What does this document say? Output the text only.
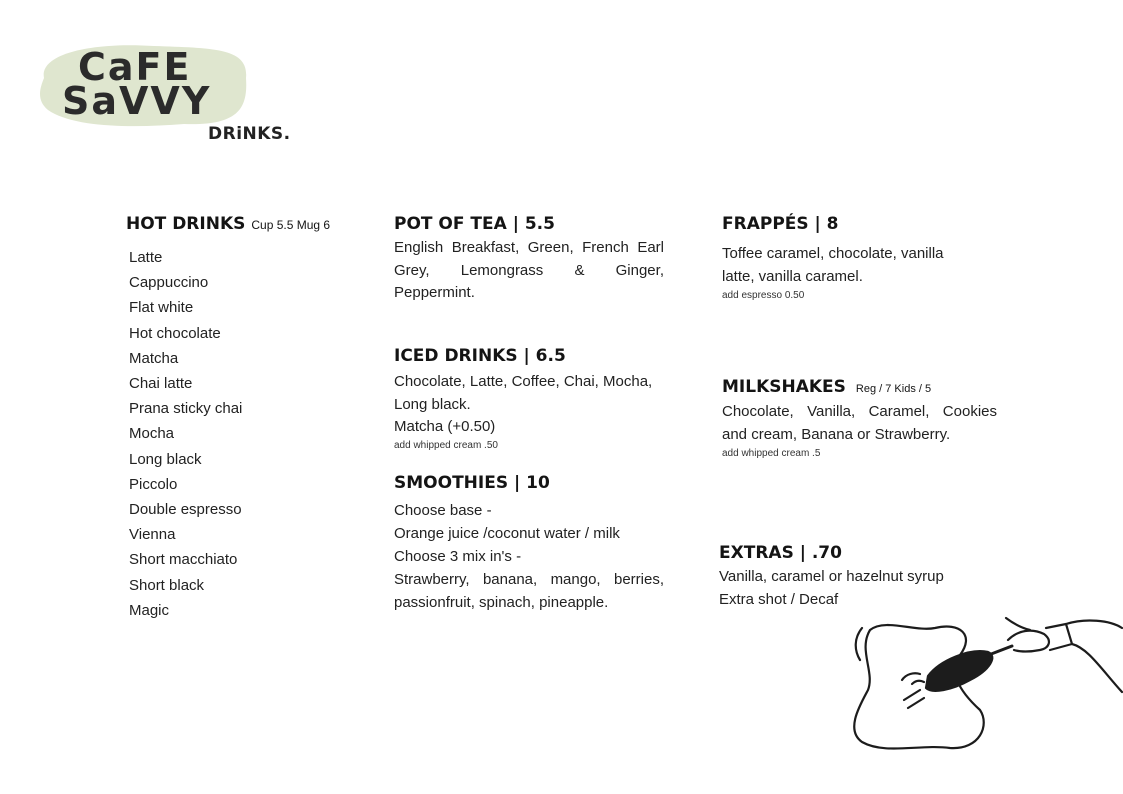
CaFE
SaVVY
DRiNKS.
HOT DRINKS Cup 5.5 Mug 6
Latte
Cappuccino
Flat white
Hot chocolate
Matcha
Chai latte
Prana sticky chai
Mocha
Long black
Piccolo
Double espresso
Vienna
Short macchiato
Short black
Magic
POT OF TEA | 5.5

English Breakfast, Green, French Earl Grey, Lemongrass & Ginger, Peppermint.

ICED DRINKS | 6.5

Chocolate, Latte, Coffee, Chai, Mocha, Long black.

Matcha (+0.50)

add whipped cream .50
SMOOTHIES | 10

Choose base -

Orange juice /coconut water / milk

Choose 3 mix in's -

Strawberry, banana, mango, berries, passionfruit, spinach, pineapple.

FRAPPÉS | 8

Toffee caramel, chocolate, vanilla latte, vanilla caramel.

add espresso 0.50
MILKSHAKES Reg / 7 Kids / 5

Chocolate, Vanilla, Caramel, Cookies and cream, Banana or Strawberry.

add whipped cream .5
EXTRAS | .70

Vanilla, caramel or hazelnut syrup

Extra shot / Decaf
